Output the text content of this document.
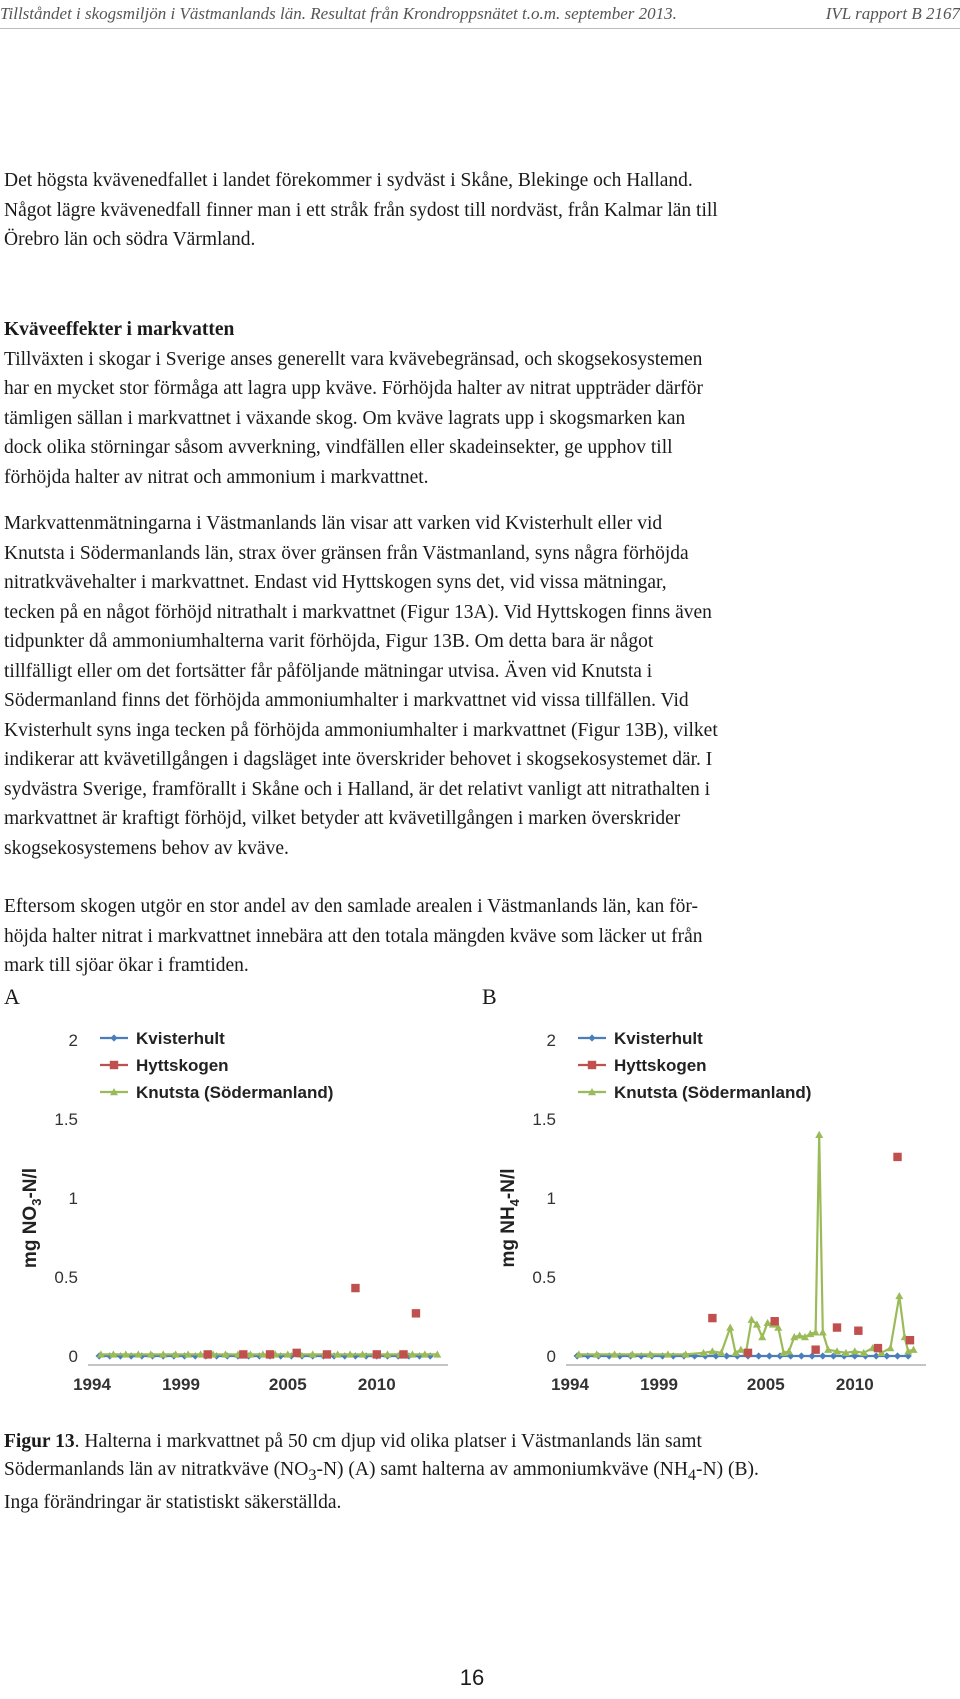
Tillståndet i skogsmiljön i Västmanlands län. Resultat från Krondroppsnätet t.o.m. september 2013.	IVL rapport B 2167
Det högsta kvävenedfallet i landet förekommer i sydväst i Skåne, Blekinge och Halland.
Något lägre kvävenedfall finner man i ett stråk från sydost till nordväst, från Kalmar län till
Örebro län och södra Värmland.
Kväveeffekter i markvatten
Tillväxten i skogar i Sverige anses generellt vara kvävebegränsad, och skogsekosystemen
har en mycket stor förmåga att lagra upp kväve. Förhöjda halter av nitrat uppträder därför
tämligen sällan i markvattnet i växande skog. Om kväve lagrats upp i skogsmarken kan
dock olika störningar såsom avverkning, vindfällen eller skadeinsekter, ge upphov till
förhöjda halter av nitrat och ammonium i markvattnet.
Markvattenmätningarna i Västmanlands län visar att varken vid Kvisterhult eller vid
Knutsta i Södermanlands län, strax över gränsen från Västmanland, syns några förhöjda
nitratkvävehalter i markvattnet. Endast vid Hyttskogen syns det, vid vissa mätningar,
tecken på en något förhöjd nitrathalt i markvattnet (Figur 13A). Vid Hyttskogen finns även
tidpunkter då ammoniumhalterna varit förhöjda, Figur 13B. Om detta bara är något
tillfälligt eller om det fortsätter får påföljande mätningar utvisa. Även vid Knutsta i
Södermanland finns det förhöjda ammoniumhalter i markvattnet vid vissa tillfällen. Vid
Kvisterhult syns inga tecken på förhöjda ammoniumhalter i markvattnet (Figur 13B), vilket
indikerar att kvävetillgången i dagsläget inte överskrider behovet i skogsekosystemet där. I
sydvästra Sverige, framförallt i Skåne och i Halland, är det relativt vanligt att nitrathalten i
markvattnet är kraftigt förhöjd, vilket betyder att kvävetillgången i marken överskrider
skogsekosystemens behov av kväve.
Eftersom skogen utgör en stor andel av den samlade arealen i Västmanlands län, kan för-
höjda halter nitrat i markvattnet innebära att den totala mängden kväve som läcker ut från
mark till sjöar ökar i framtiden.
A	B
0
0.5
1
1.5
2
1994	1999	2005	2010
mg $NO_3-N/l$
Kvisterhult
Hyttskogen
Knutsta (Södermanland)
0
0.5
1
1.5
2
1994	1999	2005	2010
mg $NH_4-N/l$
Kvisterhult
Hyttskogen
Knutsta (Södermanland)
Figur 13. Halterna i markvattnet på 50 cm djup vid olika platser i Västmanlands län samt
Södermanlands län av nitratkväve $(NO_3-N)$ (A) samt halterna av ammoniumkväve $(NH_4-N)$ (B).
Inga förändringar är statistiskt säkerställda.
16
